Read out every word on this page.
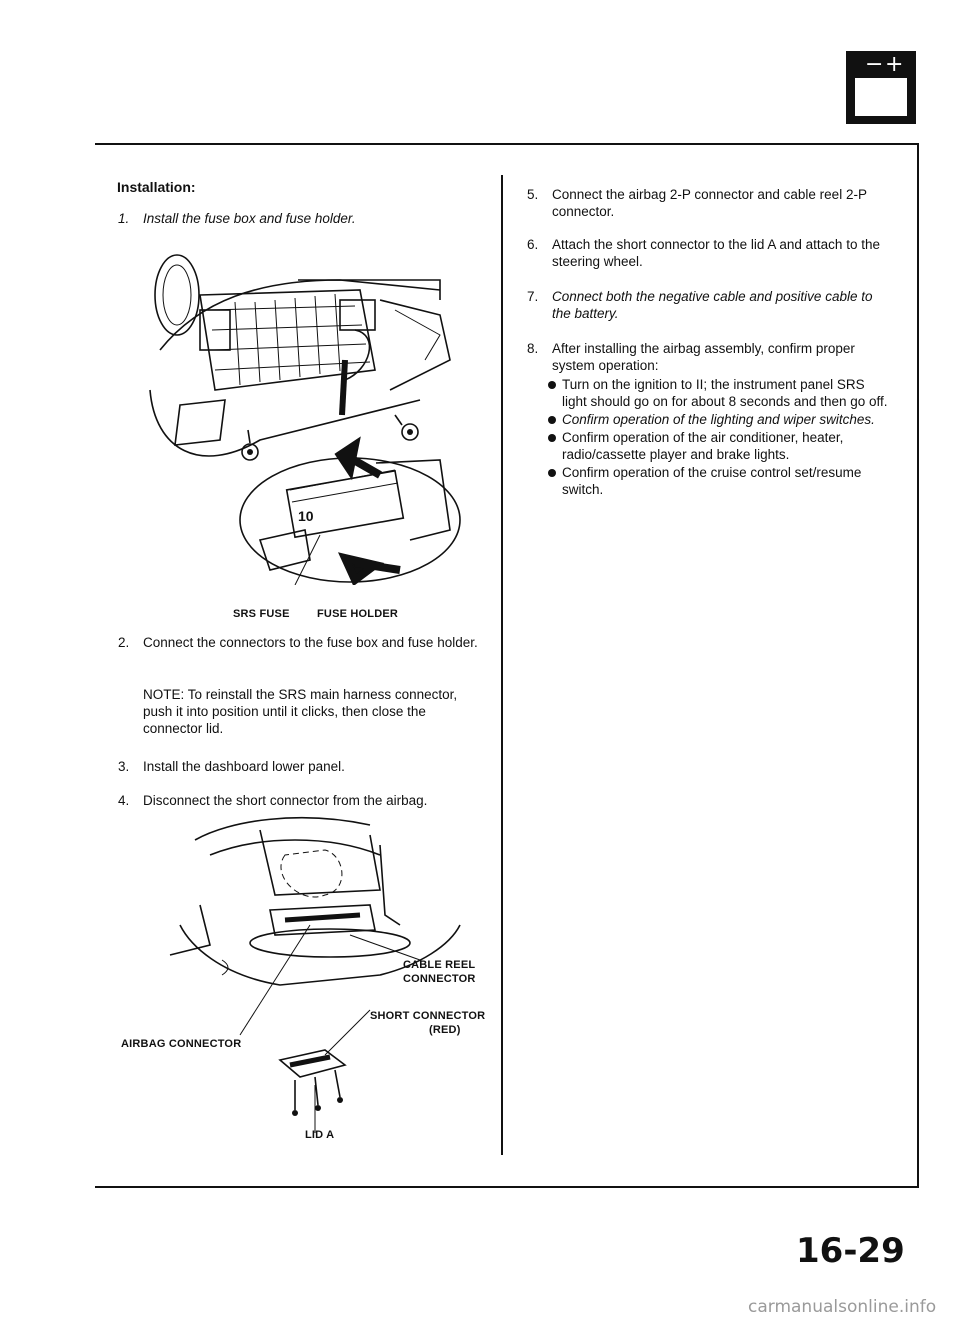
− +
Installation:
1. Install the fuse box and fuse holder.
10
SRS FUSE FUSE HOLDER
2. Connect the connectors to the fuse box and fuse holder.
NOTE: To reinstall the SRS main harness connector, push it into position until it clicks, then close the connector lid.
3. Install the dashboard lower panel.
4. Disconnect the short connector from the airbag.
CABLE REEL
CONNECTOR
SHORT CONNECTOR
(RED)
AIRBAG CONNECTOR
LID A
5. Connect the airbag 2-P connector and cable reel 2-P connector.
6. Attach the short connector to the lid A and attach to the steering wheel.
7. Connect both the negative cable and positive cable to the battery.
8. After installing the airbag assembly, confirm proper system operation:
Turn on the ignition to II; the instrument panel SRS light should go on for about 8 seconds and then go off.
Confirm operation of the lighting and wiper switches.
Confirm operation of the air conditioner, heater, radio/cassette player and brake lights.
Confirm operation of the cruise control set/resume switch.
16-29
carmanualsonline.info
